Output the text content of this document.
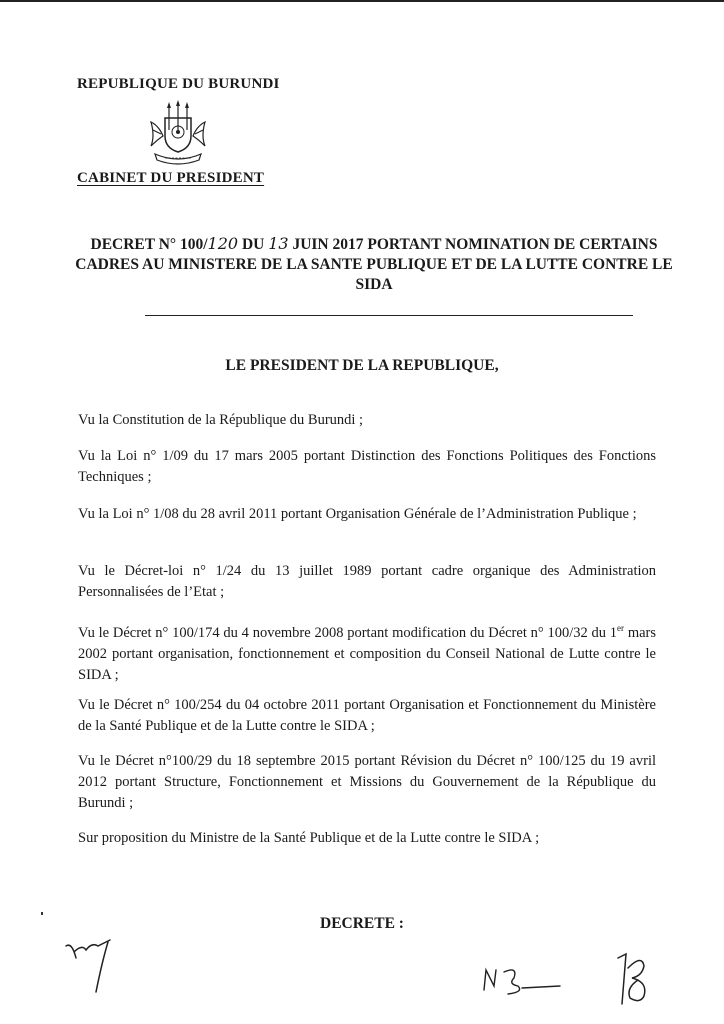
REPUBLIQUE DU BURUNDI
CABINET DU PRESIDENT
DECRET N° 100/120 DU 13 JUIN 2017 PORTANT NOMINATION DE CERTAINS CADRES AU MINISTERE DE LA SANTE PUBLIQUE ET DE LA LUTTE CONTRE LE SIDA
LE PRESIDENT DE LA REPUBLIQUE,

Vu la Constitution de la République du Burundi ;

Vu la Loi n° 1/09 du 17 mars 2005 portant Distinction des Fonctions Politiques des Fonctions Techniques ;

Vu la Loi n° 1/08 du 28 avril 2011 portant Organisation Générale de l’Administration Publique ;

Vu le Décret-loi n° 1/24 du 13 juillet 1989 portant cadre organique des Administration Personnalisées de l’Etat ;

Vu le Décret n° 100/174 du 4 novembre 2008 portant modification du Décret n° 100/32 du 1er mars 2002 portant organisation, fonctionnement et composition du Conseil National de Lutte contre le SIDA ;

Vu le Décret n° 100/254 du 04 octobre 2011 portant Organisation et Fonctionnement du Ministère de la Santé Publique et de la Lutte contre le SIDA ;

Vu le Décret n°100/29 du 18 septembre 2015 portant Révision du Décret n° 100/125 du 19 avril 2012 portant Structure, Fonctionnement et Missions du Gouvernement de la République du Burundi ;

Sur proposition du Ministre de la Santé Publique et de la Lutte contre le SIDA ;

DECRETE :
